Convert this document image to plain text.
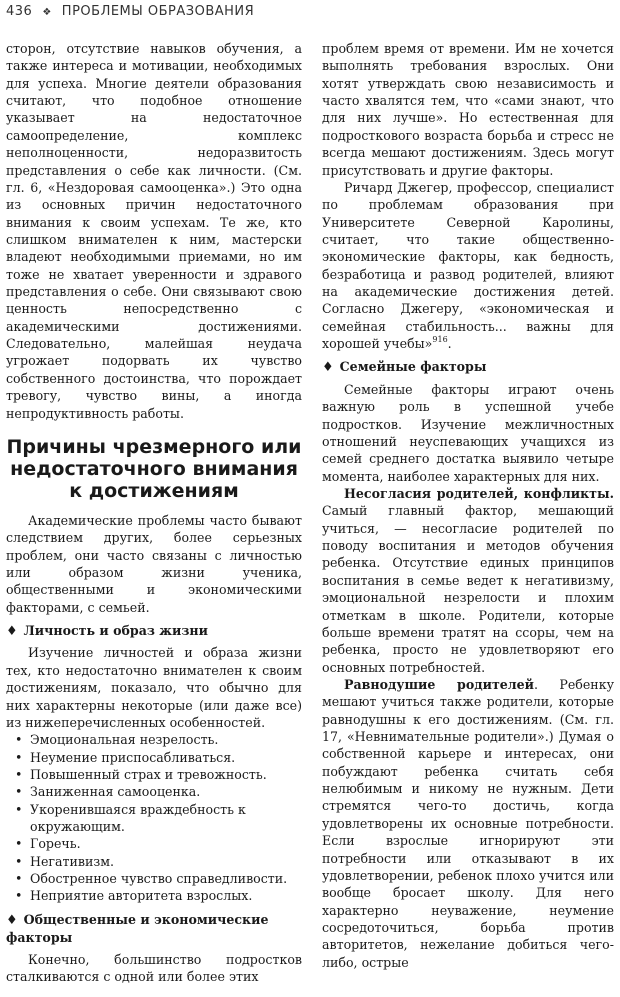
436 ❖ ПРОБЛЕМЫ ОБРАЗОВАНИЯ

сторон, отсутствие навыков обучения, а также интереса и мотивации, необходимых для успеха. Многие деятели образования считают, что подобное отношение указывает на недостаточное самоопределение, комплекс неполноценности, недоразвитость представления о себе как личности. (См. гл. 6, «Нездоровая самооценка».) Это одна из основных причин недостаточного внимания к своим успехам. Те же, кто слишком внимателен к ним, мастерски владеют необходимыми приемами, но им тоже не хватает уверенности и здравого представления о себе. Они связывают свою ценность непосредственно с академическими достижениями. Следовательно, малейшая неудача угрожает подорвать их чувство собственного достоинства, что порождает тревогу, чувство вины, а иногда непродуктивность работы.

Причины чрезмерного или недостаточного внимания к достижениям

Академические проблемы часто бывают следствием других, более серьезных проблем, они часто связаны с личностью или образом жизни ученика, общественными и экономическими факторами, с семьей.

♦ Личность и образ жизни

Изучение личностей и образа жизни тех, кто недостаточно внимателен к своим достижениям, показало, что обычно для них характерны некоторые (или даже все) из нижеперечисленных особенностей.

• Эмоциональная незрелость.
• Неумение приспосабливаться.
• Повышенный страх и тревожность.
• Заниженная самооценка.
• Укоренившаяся враждебность к окружающим.
• Горечь.
• Негативизм.
• Обостренное чувство справедливости.
• Неприятие авторитета взрослых.
♦ Общественные и экономические факторы

Конечно, большинство подростков сталкиваются с одной или более этих

проблем время от времени. Им не хочется выполнять требования взрослых. Они хотят утверждать свою независимость и часто хвалятся тем, что «сами знают, что для них лучше». Но естественная для подросткового возраста борьба и стресс не всегда мешают достижениям. Здесь могут присутствовать и другие факторы.

Ричард Джегер, профессор, специалист по проблемам образования при Университете Северной Каролины, считает, что такие общественно-экономические факторы, как бедность, безработица и развод родителей, влияют на академические достижения детей. Согласно Джегеру, «экономическая и семейная стабильность... важны для хорошей учебы»$^{916}$.

♦ Семейные факторы

Семейные факторы играют очень важную роль в успешной учебе подростков. Изучение межличностных отношений неуспевающих учащихся из семей среднего достатка выявило четыре момента, наиболее характерных для них.

Несогласия родителей, конфликты. Самый главный фактор, мешающий учиться, — несогласие родителей по поводу воспитания и методов обучения ребенка. Отсутствие единых принципов воспитания в семье ведет к негативизму, эмоциональной незрелости и плохим отметкам в школе. Родители, которые больше времени тратят на ссоры, чем на ребенка, просто не удовлетворяют его основных потребностей.

Равнодушие родителей. Ребенку мешают учиться также родители, которые равнодушны к его достижениям. (См. гл. 17, «Невнимательные родители».) Думая о собственной карьере и интересах, они побуждают ребенка считать себя нелюбимым и никому не нужным. Дети стремятся чего-то достичь, когда удовлетворены их основные потребности. Если взрослые игнорируют эти потребности или отказывают в их удовлетворении, ребенок плохо учится или вообще бросает школу. Для него характерно неуважение, неумение сосредоточиться, борьба против авторитетов, нежелание добиться чего-либо, острые
